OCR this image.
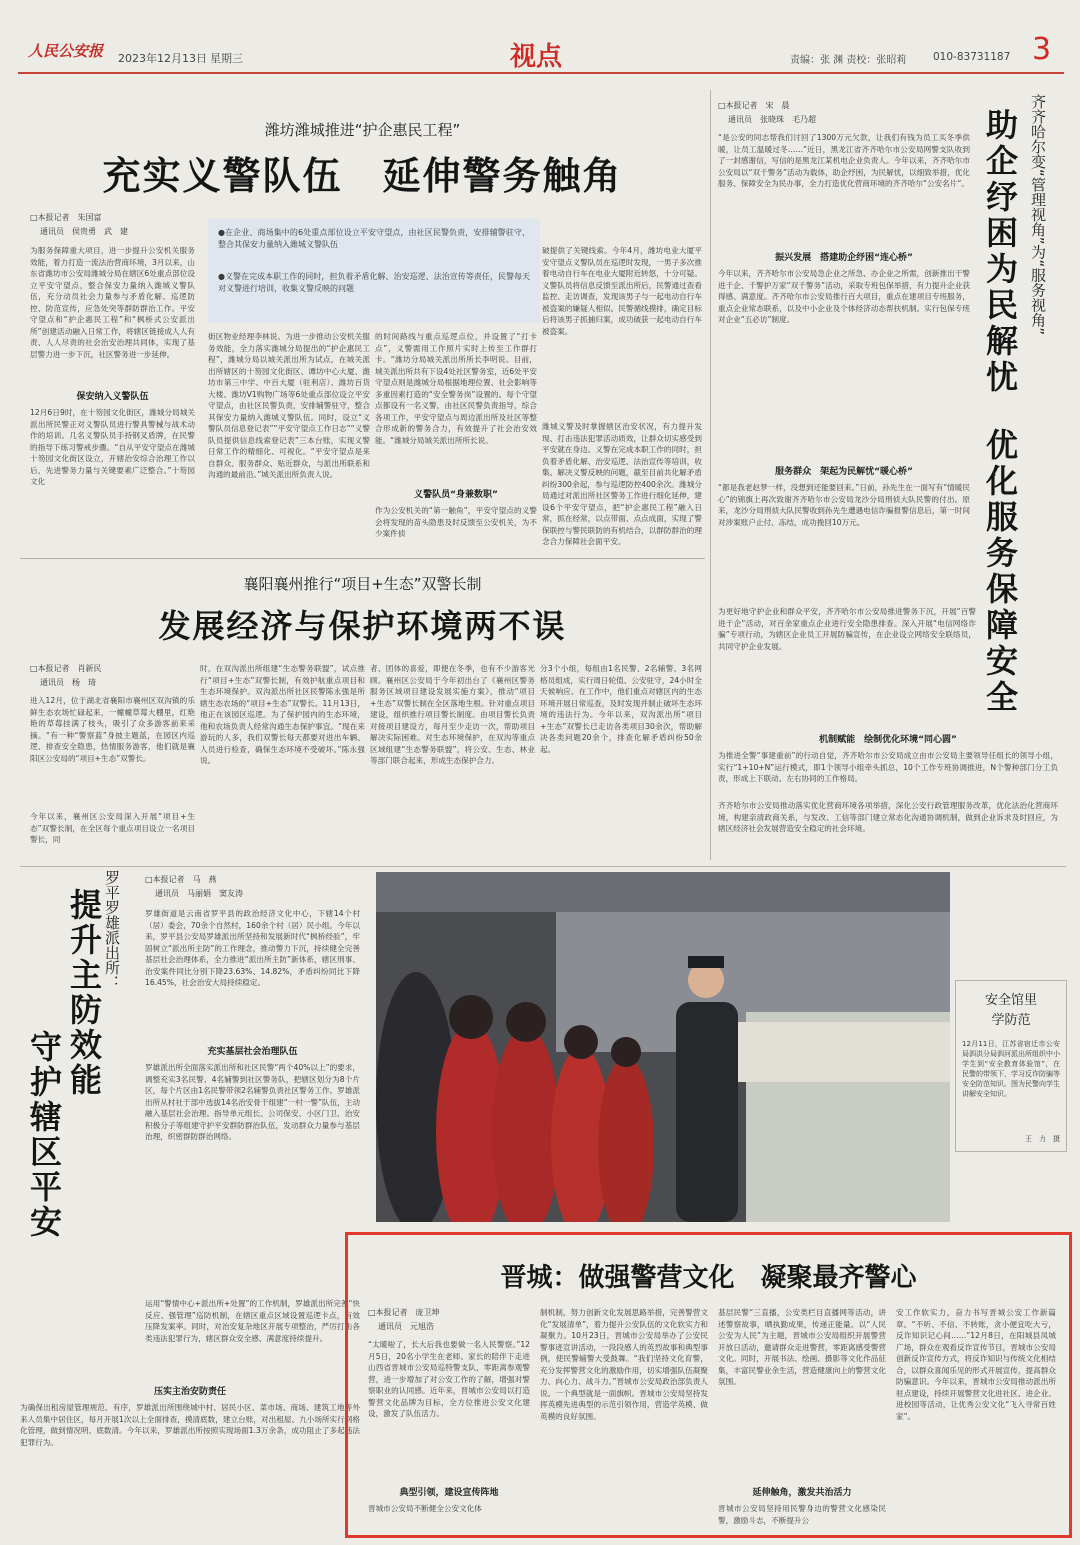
人民公安报 2023年12月13日 星期三	视点	责编：张 渊 责校：张昭莉	010-83731187 3
潍坊潍城推进“护企惠民工程”
充实义警队伍　延伸警务触角
□本报记者　朱国富
通讯员　侯贵勇　武　建
为服务保障重大项目，进一步提升公安机关服务效能，着力打造一流法治营商环境，3月以来，山东省潍坊市公安局潍城分局在辖区6处重点部位设立平安守望点，整合保安力量纳入潍城义警队伍，充分动员社会力量参与矛盾化解、巡逻防控、防范宣传，应急处突等群防群治工作。平安守望点和“护企惠民工程”和“枫桥式公安派出所”创建活动融入日常工作，将辖区链接成人人有责、人人尽责的社会治安治理共同体，实现了基层警力进一步下沉，社区警务进一步延伸。
保安纳入义警队伍
12月6日9时，在十笏园文化街区，潍城分局城关派出所民警正对义警队员进行警具警械与战术动作的培训。几名义警队员手持钢叉盾牌，在民警的指导下练习警戒步骤。“自从平安守望点在潍城十笏园文化街区设立，开辖治安综合治理工作以后，先进警务力量与关键要素广泛整合。”十笏园文化
●在企业、商场集中的6处重点部位设立平安守望点，由社区民警负责，安排辅警驻守，整合其保安力量纳入潍城义警队伍
●义警在完成本职工作的同时，担负着矛盾化解、治安巡逻、法治宣传等责任，民警每天对义警进行培训，收集义警反映的问题
街区物业经理李林说。为进一步推动公安机关服务效能，全力落实潍城分局提出的“护企惠民工程”，潍城分局以城关派出所为试点，在城关派出所辖区的十笏园文化街区、谭坊中心大厦、潍坊市第三中学、中百大厦（驻利店）、潍坊百货大楼、潍坊V1购物广场等6处重点部位设立平安守望点，由社区民警负责，安排辅警驻守，整合其保安力量纳入潍城义警队伍。同时，设立“义警队员信息登记表”“平安守望点工作日志”“义警队员提供信息线索登记表”三本台账，实现义警日常工作的精细化、可视化。“平安守望点是来自群众、服务群众、贴近群众，与派出所联系和沟通的最前沿。”城关派出所负责人说。
的时间路线与重点巡逻点位，并设置了“打卡点”，义警需用工作照片实时上传至工作群打卡。“潍坊分局城关派出所所长李明说。目前，城关派出所共有下设4处社区警务室，近6处平安守望点则是潍城分局根据地理位置、社会影响等多重因素打造的“安全警务岗”设置的。每个守望点都设有一名义警，由社区民警负责指导，综合各项工作，平安守望点与周边派出所及社区等整合形成新的警务合力，有效提升了社会治安效能。“潍城分局城关派出所所长说。
义警队员“身兼数职”
作为公安机关的“第一触角”，平安守望点的义警会将发现的苗头隐患及时反馈至公安机关，为不少案件侦
破提供了关键线索。今年4月，潍坊电业大厦平安守望点义警队员在巡逻时发现，一男子多次推着电动自行车在电业大厦附近转悠，十分可疑。义警队员将信息反馈至派出所后，民警通过查看监控、走访调查，发现该男子与一起电动自行车被盗案的嫌疑人相似。民警循线摸排，确定目标后将该男子抓捕归案，成功破获一起电动自行车被盗案。
潍城义警及时掌握辖区治安状况，有力提升发现、打击违法犯罪活动质效，让群众切实感受到平安就在身边。义警在完成本职工作的同时，担负着矛盾化解、治安巡逻、法治宣传等培训，收集、解决义警反映的问题，截至目前共化解矛盾纠纷300余起，参与巡逻防控400余次。潍城分局通过对派出所社区警务工作进行细化延伸，建设6个平安守望点，把“护企惠民工程”融入日常，抓在经常，以点带面、点点成面，实现了警保联控与警民联防的有机结合，以群防群治的理念合力保障社会面平安。
襄阳襄州推行“项目+生态”双警长制
发展经济与保护环境两不误
□本报记者　肖新民
通讯员　杨　琦
进入12月，位于湖北省襄阳市襄州区双沟镇的乐鲜生态农场忙碌起来，一幢幢草莓大棚里，红艳艳的草莓挂满了枝头，吸引了众多游客前来采摘。“有一种“警察蓝”身披主题蓝，在园区内巡逻、排查安全隐患，热情服务游客，他们就是襄阳区公安局的“项目+生态”双警长。
今年以来，襄州区公安局深入开展“项目+生态”双警长制，在全区每个重点项目设立一名项目警长，同
时，在双沟派出所组建“生态警务联盟”，试点推行“项目+生态”双警长制，有效护航重点项目和生态环境保护。双沟派出所社区民警陈永强是所辖生态农场的“项目+生态”双警长。11月13日，他正在该园区巡逻。为了保护园内的生态环境，他和农场负责人经常沟通生态保护事宜。“现在来游玩的人多，我们双警长每天都要对进出车辆、人员进行检查，确保生态环境不受破坏。”陈永强说。
者、团体的喜爱，即便在冬季，也有不少游客光顾。襄州区公安局于今年初出台了《襄州区警务服务区域项目建设发展实施方案》，推动“项目+生态”双警长制在全区落地生根。针对重点项目建设，组织推行项目警长制度。由项目警长负责对接项目建设方，每月至少走访一次，帮助项目解决实际困难。对生态环境保护，在双沟等重点区域组建“生态警务联盟”，将公安、生态、林业等部门联合起来，形成生态保护合力。
分3个小组，每组由1名民警、2名辅警、3名网格员组成，实行周日轮值、公安驻守，24小时全天候响应。在工作中，他们重点对辖区内的生态环境开展日常巡查，及时发现并制止破坏生态环境的违法行为。今年以来，双沟派出所“项目+生态”双警长已走访各类项目30余次，帮助解决各类问题20余个，排查化解矛盾纠纷50余起。
齐齐哈尔变“管理视角”为“服务视角”
助企纾困为民解忧
优化服务保障安全
□本报记者　宋　晨
通讯员　张晓珠　毛乃超
“是公安的同志帮我们讨回了1300万元欠款，让我们有钱为员工买冬季供暖，让员工温暖过冬……”近日，黑龙江省齐齐哈尔市公安局网警支队收到了一封感谢信，写信的是黑龙江某机电企业负责人。今年以来，齐齐哈尔市公安局以“双千警务”活动为载体，助企纾困，为民解忧，以细致举措，优化服务、保障安全为民办事，全力打造优化营商环境的齐齐哈尔“公安名片”。
振兴发展　搭建助企纾困“连心桥”
今年以来，齐齐哈尔市公安局急企业之所急、办企业之所需，创新推出干警进千企、千警护万家“双千警务”活动，采取专班包保举措，有力提升企业获得感、满意度。齐齐哈尔市公安局推行百大项目，重点在建项目专班服务，重点企业常态联系，以及中小企业及个体经济动态帮扶机制。实行包保专班对企业“五必访”制度。
服务群众　架起为民解忧“暖心桥”
“都是我老赵梦一样，没想到还能要回来。”日前，孙先生在一面写有“情暖民心”的锦旗上再次致谢齐齐哈尔市公安局龙沙分局刑侦大队民警的付出。原来，龙沙分局刑侦大队民警收到孙先生遭遇电信诈骗报警信息后，第一时间对涉案账户止付、冻结，成功挽回10万元。
为更好地守护企业和群众平安，齐齐哈尔市公安局推进警务下沉，开展“百警进千企”活动，对百余家重点企业进行安全隐患排查。深入开展“电信网络诈骗”专项行动，为辖区企业员工开展防骗宣传，在企业设立网络安全联络员，共同守护企业发展。
机制赋能　绘制优化环境“同心圆”
为推进全警“事建重前”的行动自觉，齐齐哈尔市公安局成立由市公安局主要领导任组长的领导小组，实行“1+10+N”运行模式，即1个领导小组牵头抓总，10个工作专班协调推进，N个警种部门分工负责，形成上下联动、左右协同的工作格局。
齐齐哈尔市公安局推动落实优化营商环境各项举措，深化公安行政管理服务改革，优化法治化营商环境，构建亲清政商关系，与发改、工信等部门建立常态化沟通协调机制，做到企业诉求及时回应，为辖区经济社会发展营造安全稳定的社会环境。
罗平罗雄派出所：
提升主防效能
守护辖区平安
□本报记者　马　燕
通讯员　马丽娟　窦友涛
罗雄街道是云南省罗平县的政治经济文化中心，下辖14个村（居）委会，70余个自然村，160余个村（居）民小组。今年以来，罗平县公安局罗雄派出所坚持和发展新时代“枫桥经验”，牢固树立“派出所主防”的工作理念，推动警力下沉，持续健全完善基层社会治理体系，全力推进“派出所主防”新体系，辖区刑事、治安案件同比分别下降23.63%、14.82%，矛盾纠纷同比下降16.45%，社会治安大局持续稳定。
充实基层社会治理队伍
罗雄派出所全面落实派出所和社区民警“两个40%以上”的要求，调整充实3名民警、4名辅警到社区警务队，把辖区划分为8个片区，每个片区由1名民警带领2名辅警负责社区警务工作。罗雄派出所从村社干部中选拔14名治安骨干组建“一村一警”队伍，主动融入基层社会治理。指导单元组长、公司保安、小区门卫、治安积极分子等组建守护平安群防群治队伍，发动群众力量参与基层治理，织密群防群治网络。
运用“警情中心+派出所+处置”的工作机制，罗雄派出所完善“快反应、强管理”巡防机制，在辖区重点区域设置巡逻卡点，有效压降发案率。同时，对治安复杂地区开展专项整治，严厉打击各类违法犯罪行为，辖区群众安全感、满意度持续提升。
压实主治安防责任
为确保出租房屋管理规范、有序，罗雄派出所围绕城中村、居民小区、菜市场、商场、建筑工地等外来人员集中居住区，每月开展1次以上全面排查，摸清底数，建立台账，对出租屋、九小场所实行网格化管理，做到情况明、底数清。今年以来，罗雄派出所按照实现场面1.3万余条，成功阻止了多起违法犯罪行为。
安全馆里
学防范
12月11日，江苏省宿迁市公安局泗洪分局泗河派出所组织中小学生到“安全教育体验馆”，在民警的带领下，学习反诈防骗等安全防范知识。图为民警向学生讲解安全知识。
王　力　摄
晋城：做强警营文化　凝聚最齐警心
□本报记者　庞卫坤
通讯员　元旭浩
“太暖啦了，长大后我也要做一名人民警察。”12月5日，20名小学生在老师、家长的陪伴下走进山西省晋城市公安局巡特警支队，零距离参观警营，进一步增加了对公安工作的了解，增强对警察职业的认同感。近年来，晋城市公安局以打造警营文化品牌为目标，全方位推进公安文化建设，激发了队伍活力。
典型引领，建设宣传阵地
晋城市公安局不断健全公安文化体
制机制，努力创新文化发展思路举措，完善警营文化“发展清单”，着力提升公安队伍的文化软实力和凝聚力。10月23日，晋城市公安局举办了公安民警事迹宣讲活动，一段段感人的英烈故事和典型事例，使民警辅警大受鼓舞。“我们坚持文化育警，充分发挥警营文化的激励作用，切实增强队伍凝聚力、向心力、战斗力。”晋城市公安局政治部负责人说。一个典型就是一面旗帜。晋城市公安局坚持发挥英模先进典型的示范引领作用，营造学英模、做英模的良好氛围。
基层民警“三直播，公安类栏目直播网等活动，讲述警察故事，晒执勤成果，传递正能量。以“人民公安为人民”为主题，晋城市公安局组织开展警营开放日活动，邀请群众走进警营，零距离感受警营文化。同时，开展书法、绘画、摄影等文化作品征集，丰富民警业余生活，营造健康向上的警营文化氛围。
延伸触角，激发共治活力
晋城市公安局坚持用民警身边的警营文化感染民警，激励斗志，不断提升公
安工作软实力，奋力书写晋城公安工作新篇章。“不听、不信、不转账，贪小便宜吃大亏，反诈知识记心间……”12月8日，在阳城县凤城广场，群众在观看反诈宣传节目，晋城市公安局创新反诈宣传方式，将反诈知识与传统文化相结合，以群众喜闻乐见的形式开展宣传，提高群众防骗意识。今年以来，晋城市公安局推动派出所驻点建设，持续开展警营文化进社区、进企业、进校园等活动，让优秀公安文化“飞入寻常百姓家”。
